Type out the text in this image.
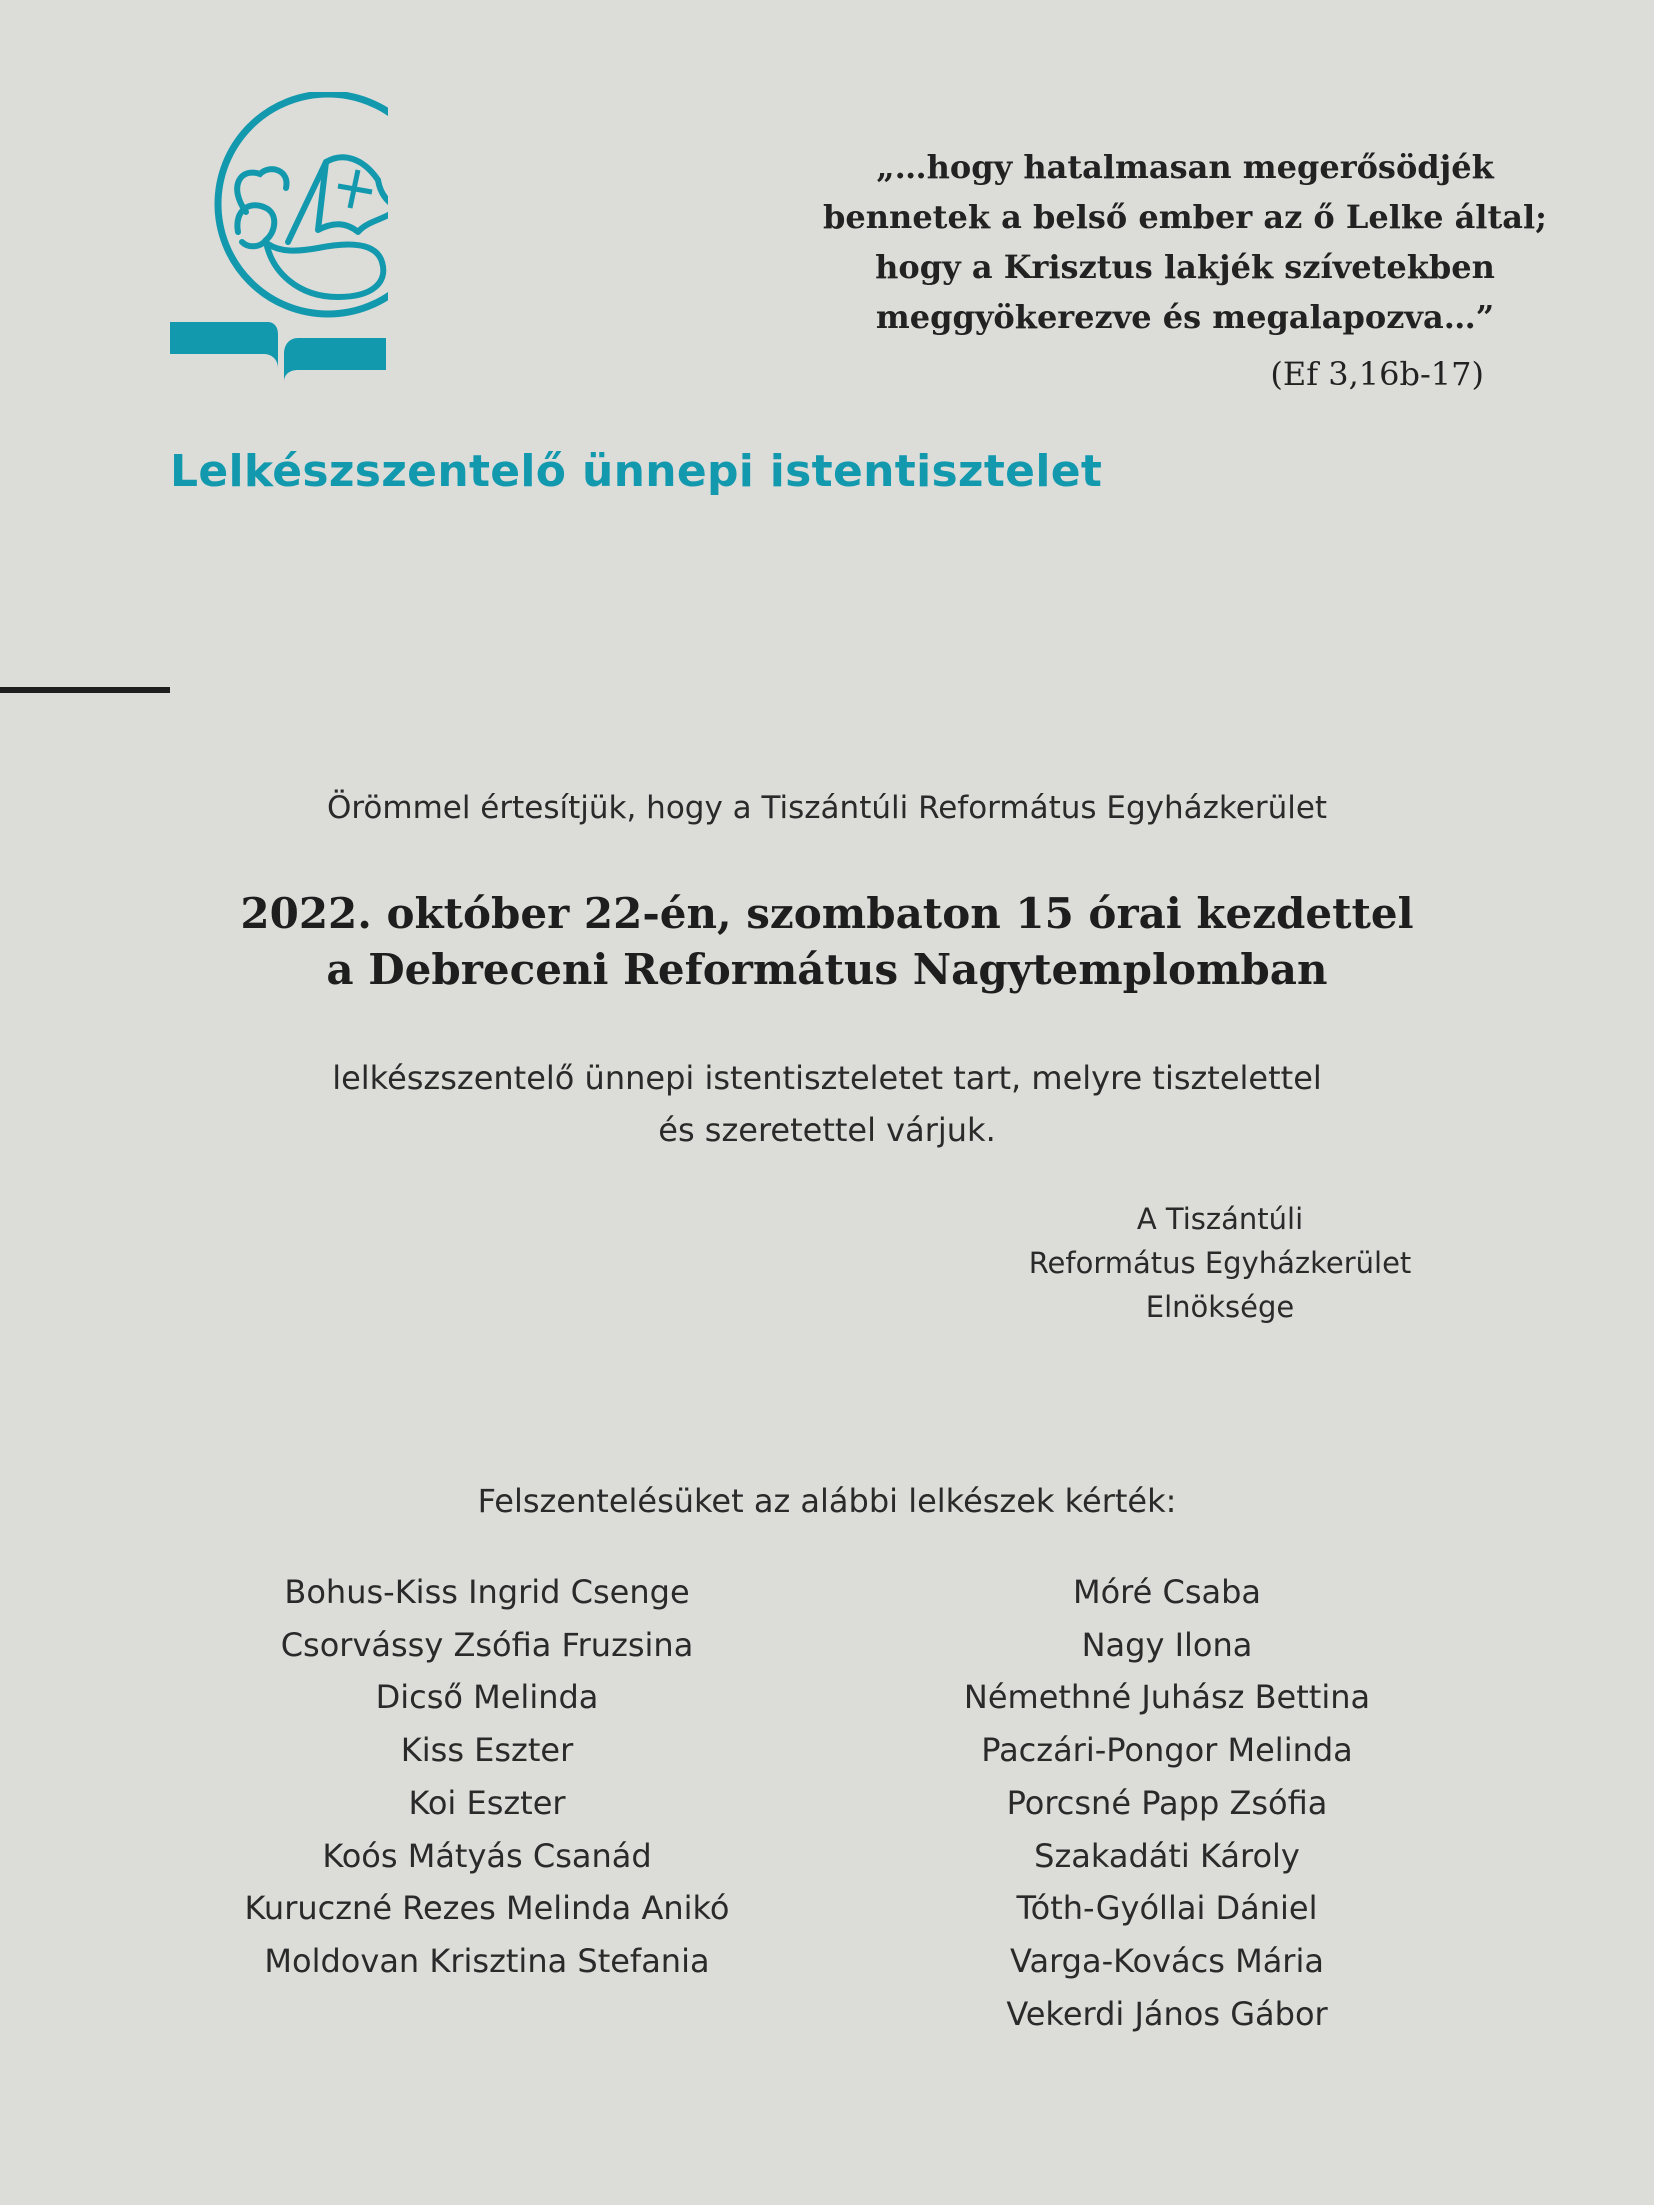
„…hogy hatalmasan megerősödjék
bennetek a belső ember az ő Lelke által;
hogy a Krisztus lakjék szívetekben
meggyökerezve és megalapozva…”
(Ef 3,16b-17)
Lelkészszentelő ünnepi istentisztelet
Örömmel értesítjük, hogy a Tiszántúli Református Egyházkerület
2022. október 22-én, szombaton 15 órai kezdettel
a Debreceni Református Nagytemplomban
lelkészszentelő ünnepi istentiszteletet tart, melyre tisztelettel
és szeretettel várjuk.
A Tiszántúli
Református Egyházkerület
Elnöksége
Felszentelésüket az alábbi lelkészek kérték:
Bohus-Kiss Ingrid Csenge
Csorvássy Zsófia Fruzsina
Dicső Melinda
Kiss Eszter
Koi Eszter
Koós Mátyás Csanád
Kuruczné Rezes Melinda Anikó
Moldovan Krisztina Stefania
Móré Csaba
Nagy Ilona
Némethné Juhász Bettina
Paczári-Pongor Melinda
Porcsné Papp Zsófia
Szakadáti Károly
Tóth-Gyóllai Dániel
Varga-Kovács Mária
Vekerdi János Gábor
